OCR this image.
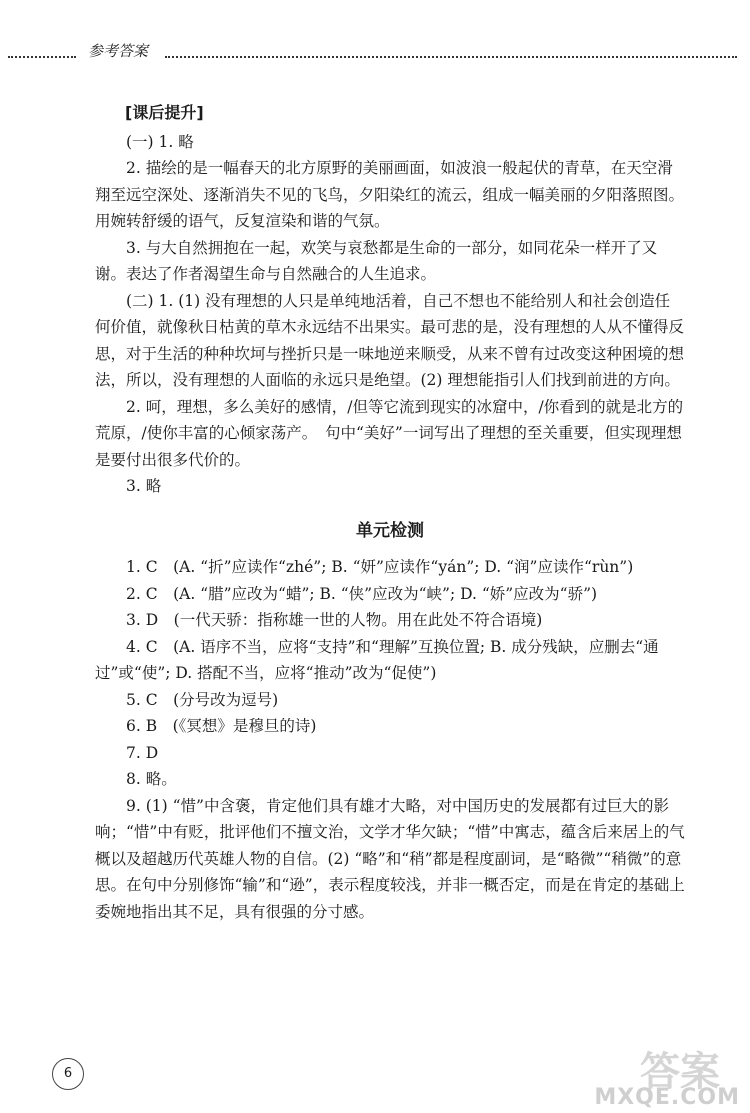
参考答案

[课后提升]

(一) 1. 略

2. 描绘的是一幅春天的北方原野的美丽画面，如波浪一般起伏的青草，在天空滑翔至远空深处、逐渐消失不见的飞鸟，夕阳染红的流云，组成一幅美丽的夕阳落照图。　用婉转舒缓的语气，反复渲染和谐的气氛。

3. 与大自然拥抱在一起，欢笑与哀愁都是生命的一部分，如同花朵一样开了又谢。表达了作者渴望生命与自然融合的人生追求。

(二) 1. (1) 没有理想的人只是单纯地活着，自己不想也不能给别人和社会创造任何价值，就像秋日枯黄的草木永远结不出果实。最可悲的是，没有理想的人从不懂得反思，对于生活的种种坎坷与挫折只是一味地逆来顺受，从来不曾有过改变这种困境的想法，所以，没有理想的人面临的永远只是绝望。(2) 理想能指引人们找到前进的方向。

2. 呵，理想，多么美好的感情，/但等它流到现实的冰窟中，/你看到的就是北方的荒原，/使你丰富的心倾家荡产。　句中“美好”一词写出了理想的至关重要，但实现理想是要付出很多代价的。

3. 略

单元检测

1. C　(A. “折”应读作“zhé”; B. “妍”应读作“yán”; D. “润”应读作“rùn”)

2. C　(A. “腊”应改为“蜡”; B. “侠”应改为“峡”; D. “娇”应改为“骄”)

3. D　(一代天骄：指称雄一世的人物。用在此处不符合语境)

4. C　(A. 语序不当，应将“支持”和“理解”互换位置; B. 成分残缺，应删去“通过”或“使”; D. 搭配不当，应将“推动”改为“促使”)

5. C　(分号改为逗号)

6. B　(《冥想》是穆旦的诗)

7. D

8. 略。

9. (1) “惜”中含褒，肯定他们具有雄才大略，对中国历史的发展都有过巨大的影响；“惜”中有贬，批评他们不擅文治，文学才华欠缺；“惜”中寓志，蕴含后来居上的气概以及超越历代英雄人物的自信。(2) “略”和“稍”都是程度副词，是“略微”“稍微”的意思。在句中分别修饰“输”和“逊”，表示程度较浅，并非一概否定，而是在肯定的基础上委婉地指出其不足，具有很强的分寸感。

6	答案
MXQE.COM
